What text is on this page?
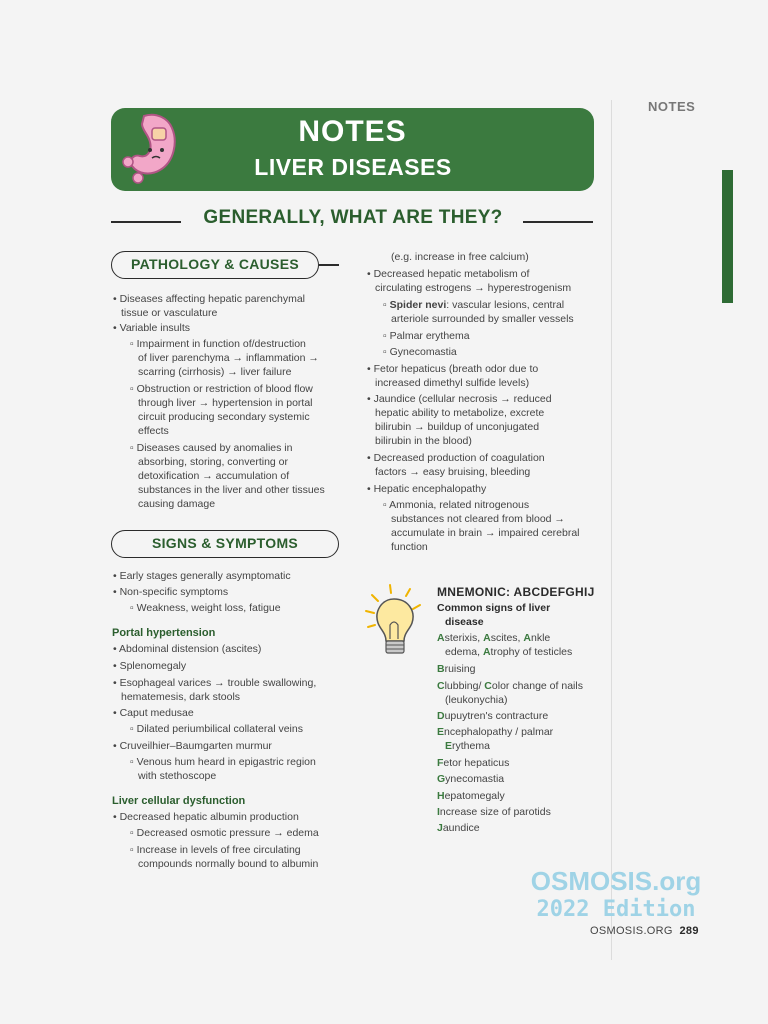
NOTES
NOTES
LIVER DISEASES
GENERALLY, WHAT ARE THEY?
PATHOLOGY & CAUSES
• Diseases affecting hepatic parenchymal
tissue or vasculature
• Variable insults
▫ Impairment in function of/destruction
of liver parenchyma → inflammation →
scarring (cirrhosis) → liver failure
▫ Obstruction or restriction of blood flow
through liver → hypertension in portal
circuit producing secondary systemic
effects
▫ Diseases caused by anomalies in
absorbing, storing, converting or
detoxification → accumulation of
substances in the liver and other tissues
causing damage
SIGNS & SYMPTOMS
• Early stages generally asymptomatic
• Non-specific symptoms
▫ Weakness, weight loss, fatigue
Portal hypertension
• Abdominal distension (ascites)
• Splenomegaly
• Esophageal varices → trouble swallowing,
hematemesis, dark stools
• Caput medusae
▫ Dilated periumbilical collateral veins
• Cruveilhier–Baumgarten murmur
▫ Venous hum heard in epigastric region
with stethoscope
Liver cellular dysfunction
• Decreased hepatic albumin production
▫ Decreased osmotic pressure → edema
▫ Increase in levels of free circulating
compounds normally bound to albumin
(e.g. increase in free calcium)
• Decreased hepatic metabolism of
circulating estrogens → hyperestrogenism
▫ Spider nevi: vascular lesions, central
arteriole surrounded by smaller vessels
▫ Palmar erythema
▫ Gynecomastia
• Fetor hepaticus (breath odor due to
increased dimethyl sulfide levels)
• Jaundice (cellular necrosis → reduced
hepatic ability to metabolize, excrete
bilirubin → buildup of unconjugated
bilirubin in the blood)
• Decreased production of coagulation
factors → easy bruising, bleeding
• Hepatic encephalopathy
▫ Ammonia, related nitrogenous
substances not cleared from blood →
accumulate in brain → impaired cerebral
function
MNEMONIC: ABCDEFGHIJ
Common signs of liver
disease
Asterixis, Ascites, Ankle
edema, Atrophy of testicles
Bruising
Clubbing/ Color change of nails
(leukonychia)
Dupuytren's contracture
Encephalopathy / palmar
Erythema
Fetor hepaticus
Gynecomastia
Hepatomegaly
Increase size of parotids
Jaundice
OSMOSIS.org
2022 Edition
OSMOSIS.ORG 289
